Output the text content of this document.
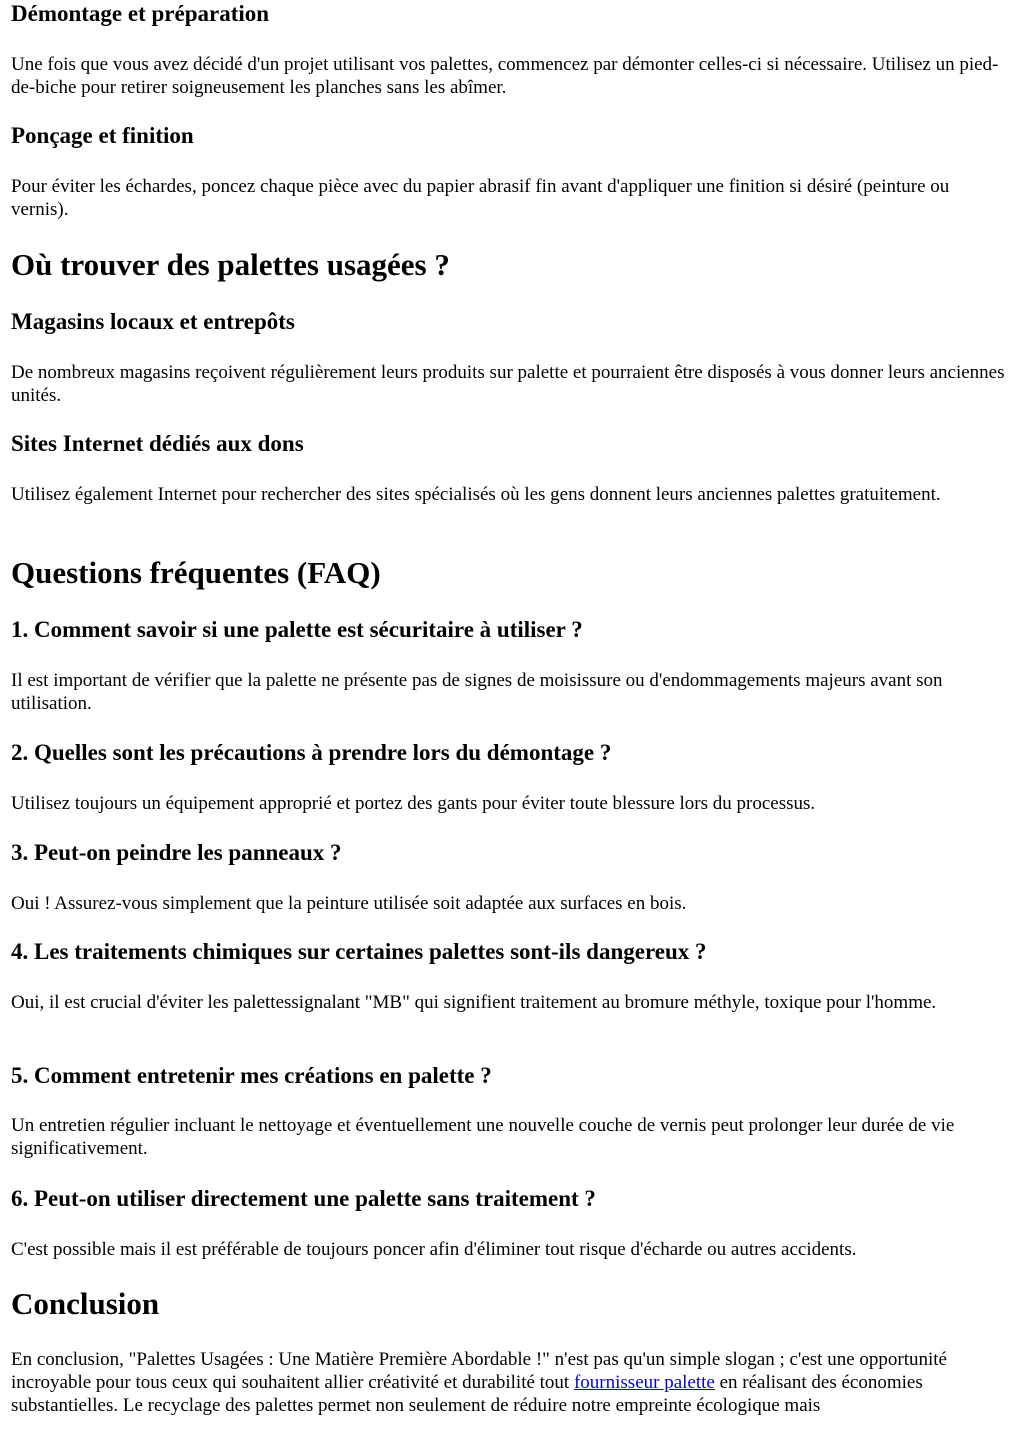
Démontage et préparation

Une fois que vous avez décidé d'un projet utilisant vos palettes, commencez par démonter celles-ci si nécessaire. Utilisez un pied-de-biche pour retirer soigneusement les planches sans les abîmer.

Ponçage et finition

Pour éviter les échardes, poncez chaque pièce avec du papier abrasif fin avant d'appliquer une finition si désiré (peinture ou vernis).

Où trouver des palettes usagées ?
Magasins locaux et entrepôts

De nombreux magasins reçoivent régulièrement leurs produits sur palette et pourraient être disposés à vous donner leurs anciennes unités.

Sites Internet dédiés aux dons

Utilisez également Internet pour rechercher des sites spécialisés où les gens donnent leurs anciennes palettes gratuitement.

Questions fréquentes (FAQ)
1. Comment savoir si une palette est sécuritaire à utiliser ?

Il est important de vérifier que la palette ne présente pas de signes de moisissure ou d'endommagements majeurs avant son utilisation.

2. Quelles sont les précautions à prendre lors du démontage ?

Utilisez toujours un équipement approprié et portez des gants pour éviter toute blessure lors du processus.

3. Peut-on peindre les panneaux ?

Oui ! Assurez-vous simplement que la peinture utilisée soit adaptée aux surfaces en bois.

4. Les traitements chimiques sur certaines palettes sont-ils dangereux ?

Oui, il est crucial d'éviter les palettessignalant "MB" qui signifient traitement au bromure méthyle, toxique pour l'homme.

5. Comment entretenir mes créations en palette ?

Un entretien régulier incluant le nettoyage et éventuellement une nouvelle couche de vernis peut prolonger leur durée de vie significativement.

6. Peut-on utiliser directement une palette sans traitement ?

C'est possible mais il est préférable de toujours poncer afin d'éliminer tout risque d'écharde ou autres accidents.

Conclusion

En conclusion, "Palettes Usagées : Une Matière Première Abordable !" n'est pas qu'un simple slogan ; c'est une opportunité incroyable pour tous ceux qui souhaitent allier créativité et durabilité tout fournisseur palette en réalisant des économies substantielles. Le recyclage des palettes permet non seulement de réduire notre empreinte écologique mais
